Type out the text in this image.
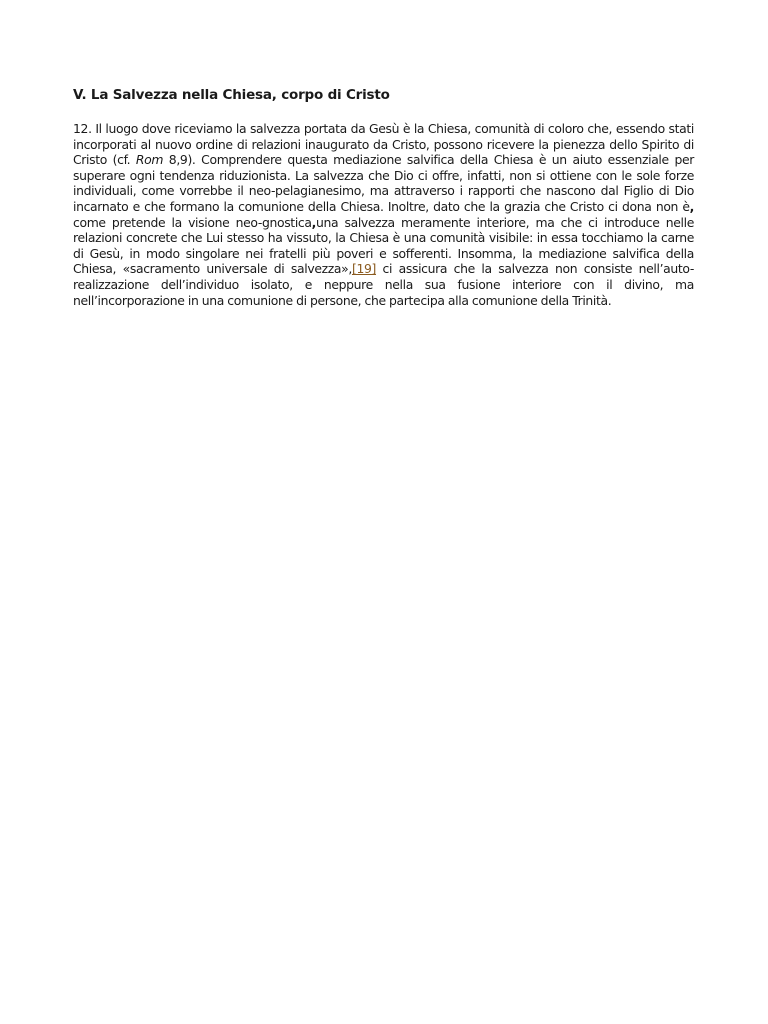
V. La Salvezza nella Chiesa, corpo di Cristo

12. Il luogo dove riceviamo la salvezza portata da Gesù è la Chiesa, comunità di coloro che, essendo stati incorporati al nuovo ordine di relazioni inaugurato da Cristo, possono ricevere la pienezza dello Spirito di Cristo (cf. Rom 8,9). Comprendere questa mediazione salvifica della Chiesa è un aiuto essenziale per superare ogni tendenza riduzionista. La salvezza che Dio ci offre, infatti, non si ottiene con le sole forze individuali, come vorrebbe il neo-pelagianesimo, ma attraverso i rapporti che nascono dal Figlio di Dio incarnato e che formano la comunione della Chiesa. Inoltre, dato che la grazia che Cristo ci dona non è, come pretende la visione neo-gnostica,una salvezza meramente interiore, ma che ci introduce nelle relazioni concrete che Lui stesso ha vissuto, la Chiesa è una comunità visibile: in essa tocchiamo la carne di Gesù, in modo singolare nei fratelli più poveri e sofferenti. Insomma, la mediazione salvifica della Chiesa, «sacramento universale di salvezza»,[19] ci assicura che la salvezza non consiste nell’auto-realizzazione dell’individuo isolato, e neppure nella sua fusione interiore con il divino, ma nell’incorporazione in una comunione di persone, che partecipa alla comunione della Trinità.
